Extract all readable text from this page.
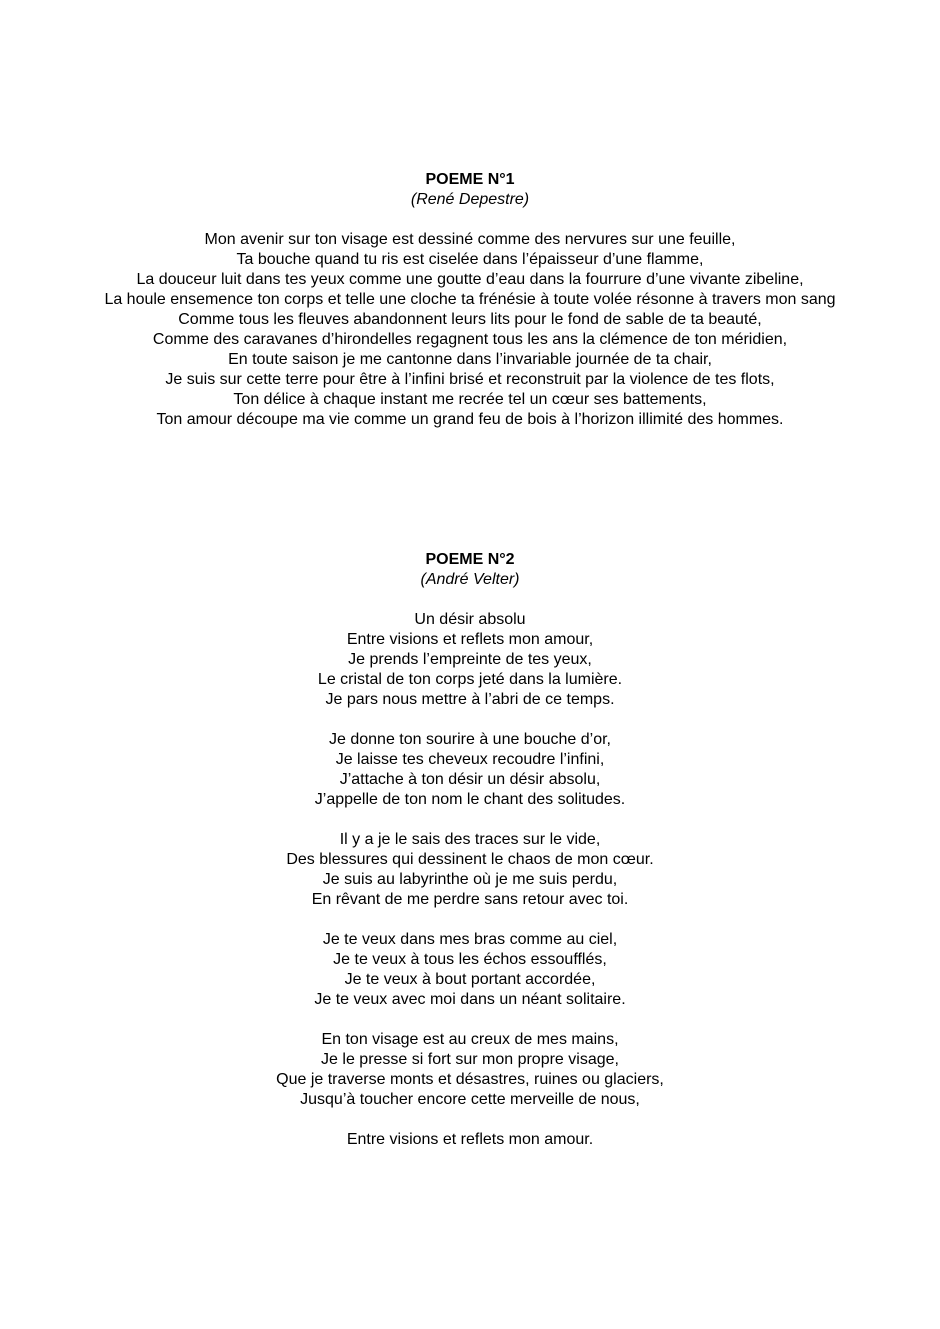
POEME N°1
(René Depestre)
Mon avenir sur ton visage est dessiné comme des nervures sur une feuille,
Ta bouche quand tu ris est ciselée dans l’épaisseur d’une flamme,
La douceur luit dans tes yeux comme une goutte d’eau dans la fourrure d’une vivante zibeline,
La houle ensemence ton corps et telle une cloche ta frénésie à toute volée résonne à travers mon sang
Comme tous les fleuves abandonnent leurs lits pour le fond de sable de ta beauté,
Comme des caravanes d’hirondelles regagnent tous les ans la clémence de ton méridien,
En toute saison je me cantonne dans l’invariable journée de ta chair,
Je suis sur cette terre pour être à l’infini brisé et reconstruit par la violence de tes flots,
Ton délice à chaque instant me recrée tel un cœur ses battements,
Ton amour découpe ma vie comme un grand feu de bois à l’horizon illimité des hommes.
POEME N°2
(André Velter)
Un désir absolu
Entre visions et reflets mon amour,
Je prends l’empreinte de tes yeux,
Le cristal de ton corps jeté dans la lumière.
Je pars nous mettre à l’abri de ce temps.
Je donne ton sourire à une bouche d’or,
Je laisse tes cheveux recoudre l’infini,
J’attache à ton désir un désir absolu,
J’appelle de ton nom le chant des solitudes.
Il y a je le sais des traces sur le vide,
Des blessures qui dessinent le chaos de mon cœur.
Je suis au labyrinthe où je me suis perdu,
En rêvant de me perdre sans retour avec toi.
Je te veux dans mes bras comme au ciel,
Je te veux à tous les échos essoufflés,
Je te veux à bout portant accordée,
Je te veux avec moi dans un néant solitaire.
En ton visage est au creux de mes mains,
Je le presse si fort sur mon propre visage,
Que je traverse monts et désastres, ruines ou glaciers,
Jusqu’à toucher encore cette merveille de nous,
Entre visions et reflets mon amour.
